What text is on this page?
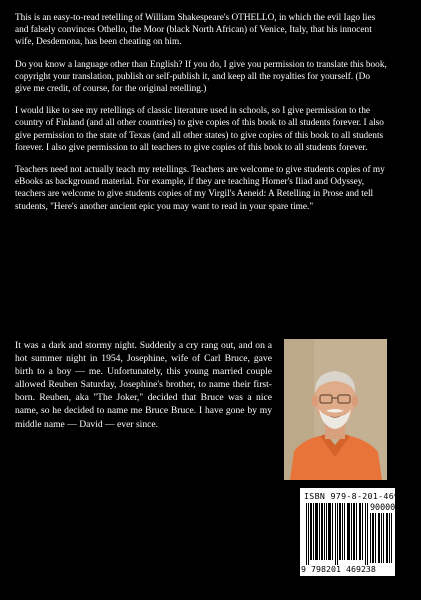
This is an easy-to-read retelling of William Shakespeare's OTHELLO, in which the evil Iago lies and falsely convinces Othello, the Moor (black North African) of Venice, Italy, that his innocent wife, Desdemona, has been cheating on him.

Do you know a language other than English? If you do, I give you permission to translate this book, copyright your translation, publish or self-publish it, and keep all the royalties for yourself. (Do give me credit, of course, for the original retelling.)

I would like to see my retellings of classic literature used in schools, so I give permission to the country of Finland (and all other countries) to give copies of this book to all students forever. I also give permission to the state of Texas (and all other states) to give copies of this book to all students forever. I also give permission to all teachers to give copies of this book to all students forever.

Teachers need not actually teach my retellings. Teachers are welcome to give students copies of my eBooks as background material. For example, if they are teaching Homer's Iliad and Odyssey, teachers are welcome to give students copies of my Virgil's Aeneid: A Retelling in Prose and tell students, "Here's another ancient epic you may want to read in your spare time."

It was a dark and stormy night. Suddenly a cry rang out, and on a hot summer night in 1954, Josephine, wife of Carl Bruce, gave birth to a boy — me. Unfortunately, this young married couple allowed Reuben Saturday, Josephine's brother, to name their first-born. Reuben, aka "The Joker," decided that Bruce was a nice name, so he decided to name me Bruce Bruce. I have gone by my middle name — David — ever since.
ISBN 979-8-201-46923-8
90000
9 798201 469238
